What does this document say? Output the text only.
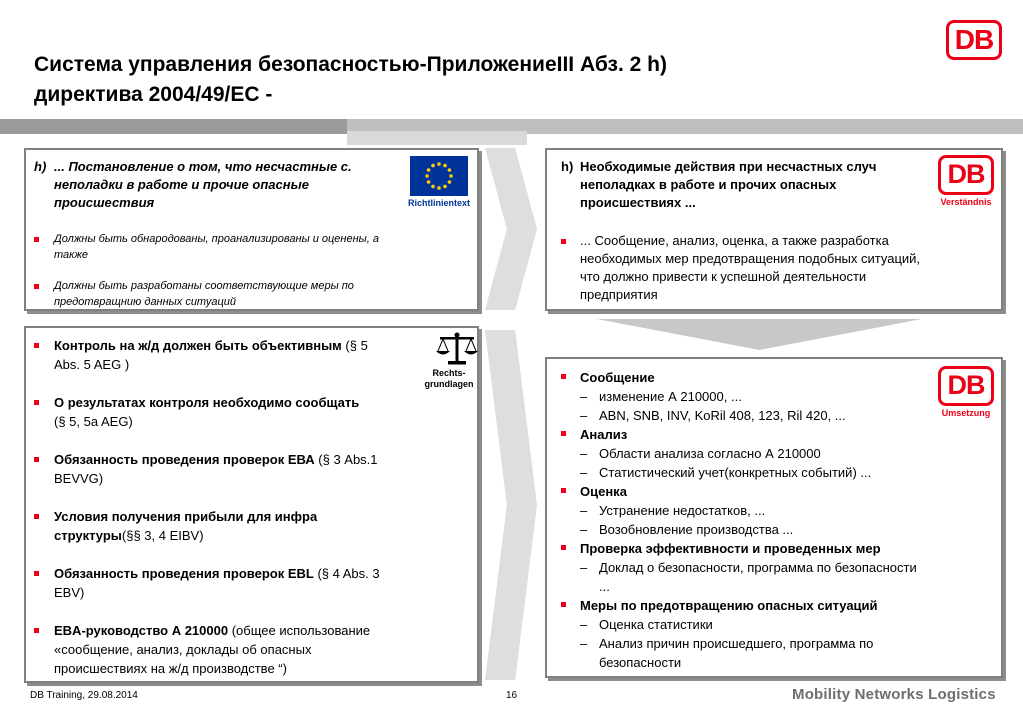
Система управления безопасностью-ПриложениеIII Абз. 2 h)
директива 2004/49/ЕС -
DB
h) ... Постановление о том, что несчастные с.
неполадки в работе и прочие опасные
происшествия
Должны быть обнародованы, проанализированы и оценены, а
также
Должны быть разработаны соответствующие меры по
предотвращнию данных ситуаций
Richtlinientext
h) Необходимые действия при несчастных случ
неполадках в работе и прочих опасных
происшествиях ...
... Сообщение, анализ, оценка, а также разработка
необходимых мер предотвращения подобных ситуаций,
что должно привести к успешной деятельности
предприятия
DB
Verständnis
Контроль на ж/д должен быть объективным (§ 5
Abs. 5 AEG )
О результатах контроля необходимо сообщать
(§ 5, 5a AEG)
Обязанность проведения проверок ЕВА (§ 3 Abs.1
BEVVG)
Условия получения прибыли для инфра
структуры(§§ 3, 4 EIBV)
Обязанность проведения проверок EBL (§ 4 Abs. 3
EBV)
EBA-руководство А 210000 (общее использование
«сообщение, анализ, доклады об опасных
происшествиях на ж/д производстве “)
Rechts-
grundlagen	Сообщение
– изменение А 210000, ...
– ABN, SNB, INV, KoRil 408, 123, Ril 420, ...
Анализ
– Области анализа согласно А 210000
– Статистический учет(конкретных событий) ...
Оценка
– Устранение недостатков, ...
– Возобновление производства ...
Проверка эффективности и проведенных мер
– Доклад о безопасности, программа по безопасности
...
Меры по предотвращению опасных ситуаций
– Оценка статистики
– Анализ причин происшедшего, программа по
безопасности
DB
Umsetzung
DB Training, 29.08.2014	16	Mobility Networks Logistics
